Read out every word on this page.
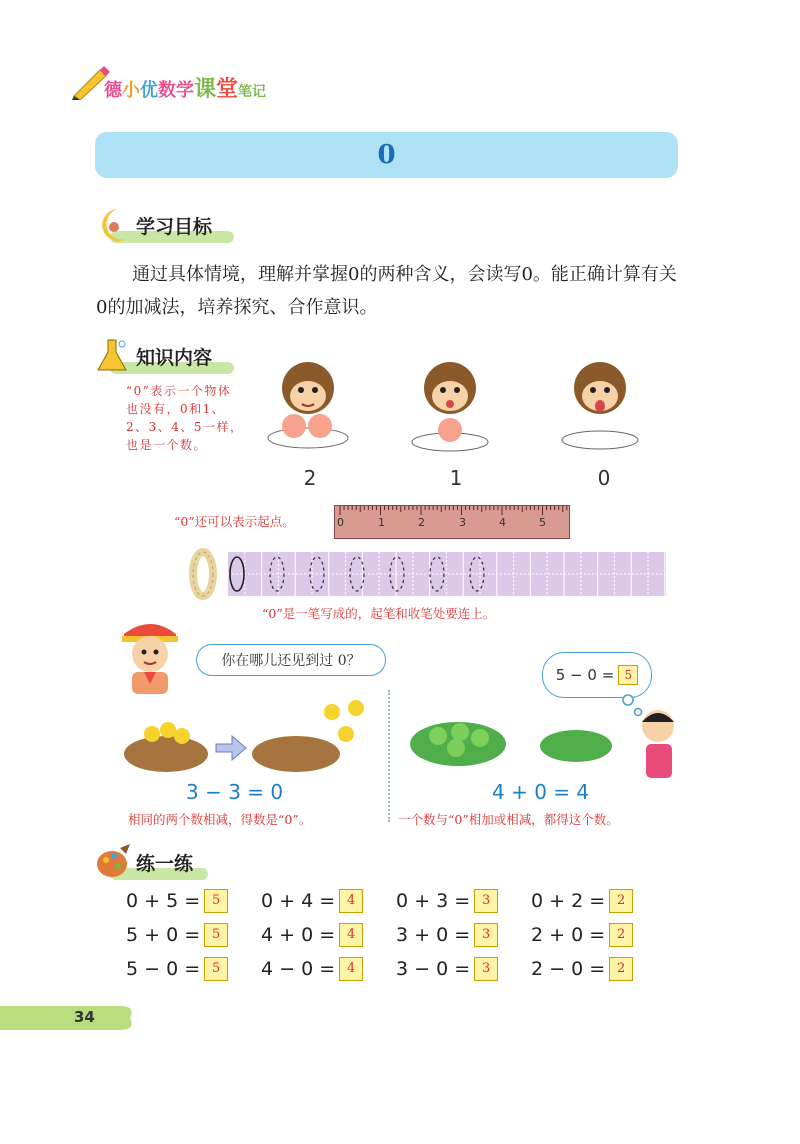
德小优数学课堂笔记
0
学习目标
通过具体情境，理解并掌握0的两种含义，会读写0。能正确计算有关0的加减法，培养探究、合作意识。
知识内容
“0”表示一个物体也没有，0和1、2、3、4、5一样，也是一个数。
2	1	0
“0”还可以表示起点。	0	1	2	3	4	5
“0”是一笔写成的，起笔和收笔处要连上。
你在哪儿还见到过 0？
5 − 0 = 5
3 − 3 = 0	4 + 0 = 4
相同的两个数相减，得数是“0”。	一个数与“0”相加或相减，都得这个数。
练一练
0 + 5 = 5	0 + 4 = 4	0 + 3 = 3	0 + 2 = 2
5 + 0 = 5	4 + 0 = 4	3 + 0 = 3	2 + 0 = 2
5 − 0 = 5	4 − 0 = 4	3 − 0 = 3	2 − 0 = 2
34
